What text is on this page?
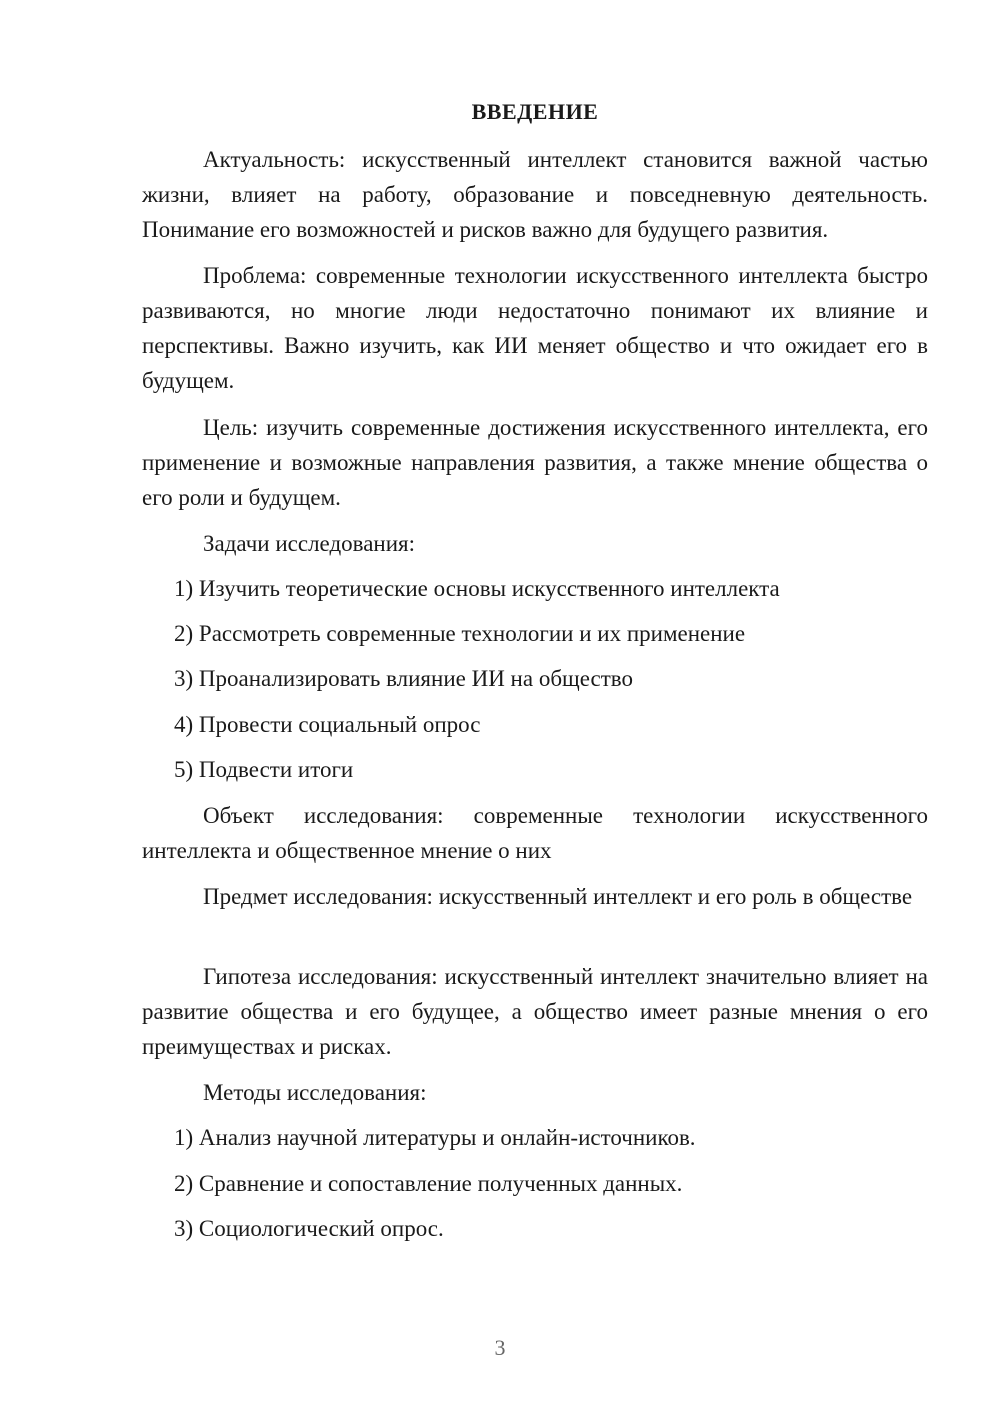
ВВЕДЕНИЕ

Актуальность: искусственный интеллект становится важной частью жизни, влияет на работу, образование и повседневную деятельность. Понимание его возможностей и рисков важно для будущего развития.

Проблема: современные технологии искусственного интеллекта быстро развиваются, но многие люди недостаточно понимают их влияние и перспективы. Важно изучить, как ИИ меняет общество и что ожидает его в будущем.

Цель: изучить современные достижения искусственного интеллекта, его применение и возможные направления развития, а также мнение общества о его роли и будущем.

Задачи исследования:

1) Изучить теоретические основы искусственного интеллекта

2) Рассмотреть современные технологии и их применение

3) Проанализировать влияние ИИ на общество

4) Провести социальный опрос

5) Подвести итоги

Объект исследования: современные технологии искусственного интеллекта и общественное мнение о них

Предмет исследования: искусственный интеллект и его роль в обществе

Гипотеза исследования: искусственный интеллект значительно влияет на развитие общества и его будущее, а общество имеет разные мнения о его преимуществах и рисках.

Методы исследования:

1) Анализ научной литературы и онлайн-источников.

2) Сравнение и сопоставление полученных данных.

3) Социологический опрос.

3
